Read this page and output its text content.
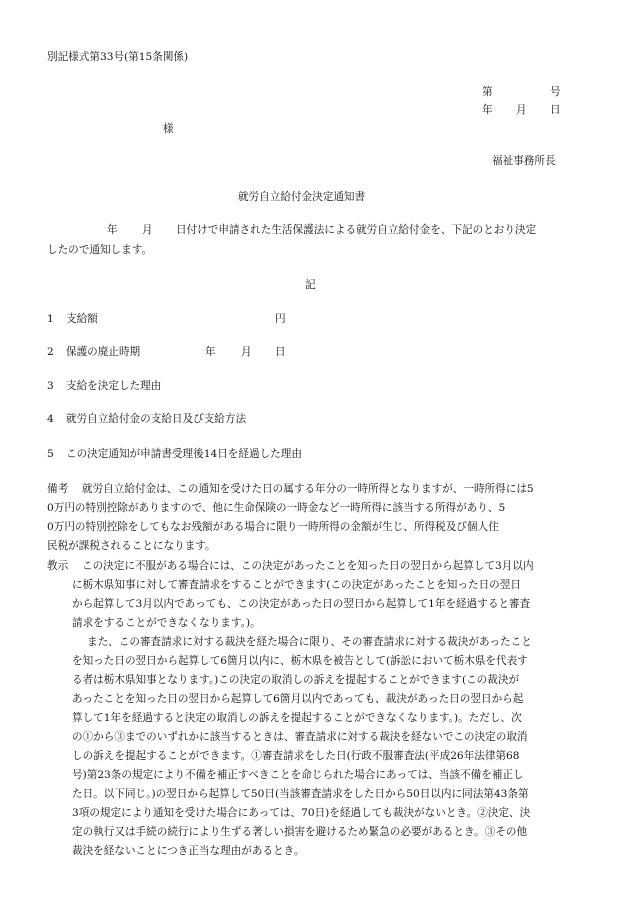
別記様式第33号(第15条関係)
第	号
年 月 日
様
福祉事務所長
就労自立給付金決定通知書
年 月 日付けで申請された生活保護法による就労自立給付金を、下記のとおり決定
したので通知します。
記
1 支給額	円
2 保護の廃止時期	年 月 日
3 支給を決定した理由
4 就労自立給付金の支給日及び支給方法
5 この決定通知が申請書受理後14日を経過した理由
備考 就労自立給付金は、この通知を受けた日の属する年分の一時所得となりますが、一時所得には5
0万円の特別控除がありますので、他に生命保険の一時金など一時所得に該当する所得があり、5
0万円の特別控除をしてもなお残額がある場合に限り一時所得の金額が生じ、所得税及び個人住
民税が課税されることになります。
教示 この決定に不服がある場合には、この決定があったことを知った日の翌日から起算して3月以内
に栃木県知事に対して審査請求をすることができます(この決定があったことを知った日の翌日
から起算して3月以内であっても、この決定があった日の翌日から起算して1年を経過すると審査
請求をすることができなくなります。)。
また、この審査請求に対する裁決を経た場合に限り、その審査請求に対する裁決があったこと
を知った日の翌日から起算して6箇月以内に、栃木県を被告として(訴訟において栃木県を代表す
る者は栃木県知事となります。)この決定の取消しの訴えを提起することができます(この裁決が
あったことを知った日の翌日から起算して6箇月以内であっても、裁決があった日の翌日から起
算して1年を経過すると決定の取消しの訴えを提起することができなくなります。)。ただし、次
の①から③までのいずれかに該当するときは、審査請求に対する裁決を経ないでこの決定の取消
しの訴えを提起することができます。①審査請求をした日(行政不服審査法(平成26年法律第68
号)第23条の規定により不備を補正すべきことを命じられた場合にあっては、当該不備を補正し
た日。以下同じ。)の翌日から起算して50日(当該審査請求をした日から50日以内に同法第43条第
3項の規定により通知を受けた場合にあっては、70日)を経過しても裁決がないとき。②決定、決
定の執行又は手続の続行により生ずる著しい損害を避けるため緊急の必要があるとき。③その他
裁決を経ないことにつき正当な理由があるとき。
